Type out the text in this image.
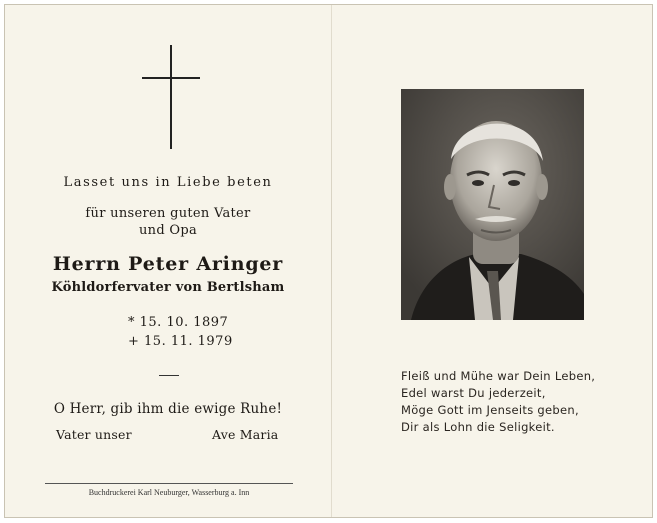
Lasset uns in Liebe beten
für unseren guten Vater
und Opa
Herrn Peter Aringer
Köhldorfervater von Bertlsham
* 15. 10. 1897
+ 15. 11. 1979
O Herr, gib ihm die ewige Ruhe!
Vater unser	Ave Maria
Buchdruckerei Karl Neuburger, Wasserburg a. Inn
Fleiß und Mühe war Dein Leben,
Edel warst Du jederzeit,
Möge Gott im Jenseits geben,
Dir als Lohn die Seligkeit.
